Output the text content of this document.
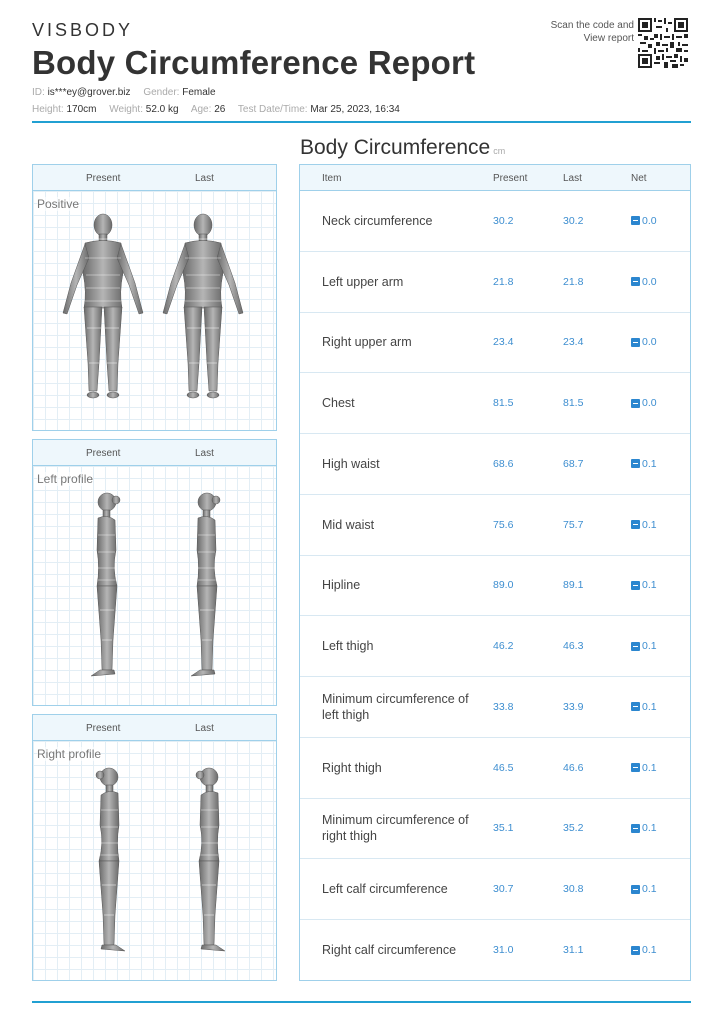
VISBODY
Body Circumference Report
ID: is***ey@grover.biz Gender: Female
Height: 170cm Weight: 52.0 kg Age: 26 Test Date/Time: Mar 25, 2023, 16:34
Scan the code and
View report
Present	Last
Positive
Present	Last
Left profile
Present	Last
Right profile
Body Circumference cm
Item	Present	Last	Net
Neck circumference	30.2	30.2	0.0
Left upper arm	21.8	21.8	0.0
Right upper arm	23.4	23.4	0.0
Chest	81.5	81.5	0.0
High waist	68.6	68.7	0.1
Mid waist	75.6	75.7	0.1
Hipline	89.0	89.1	0.1
Left thigh	46.2	46.3	0.1
Minimum circumference of left thigh
33.8	33.9	0.1
Right thigh	46.5	46.6	0.1
Minimum circumference of right thigh
35.1	35.2	0.1
Left calf circumference	30.7	30.8	0.1
Right calf circumference	31.0	31.1	0.1
